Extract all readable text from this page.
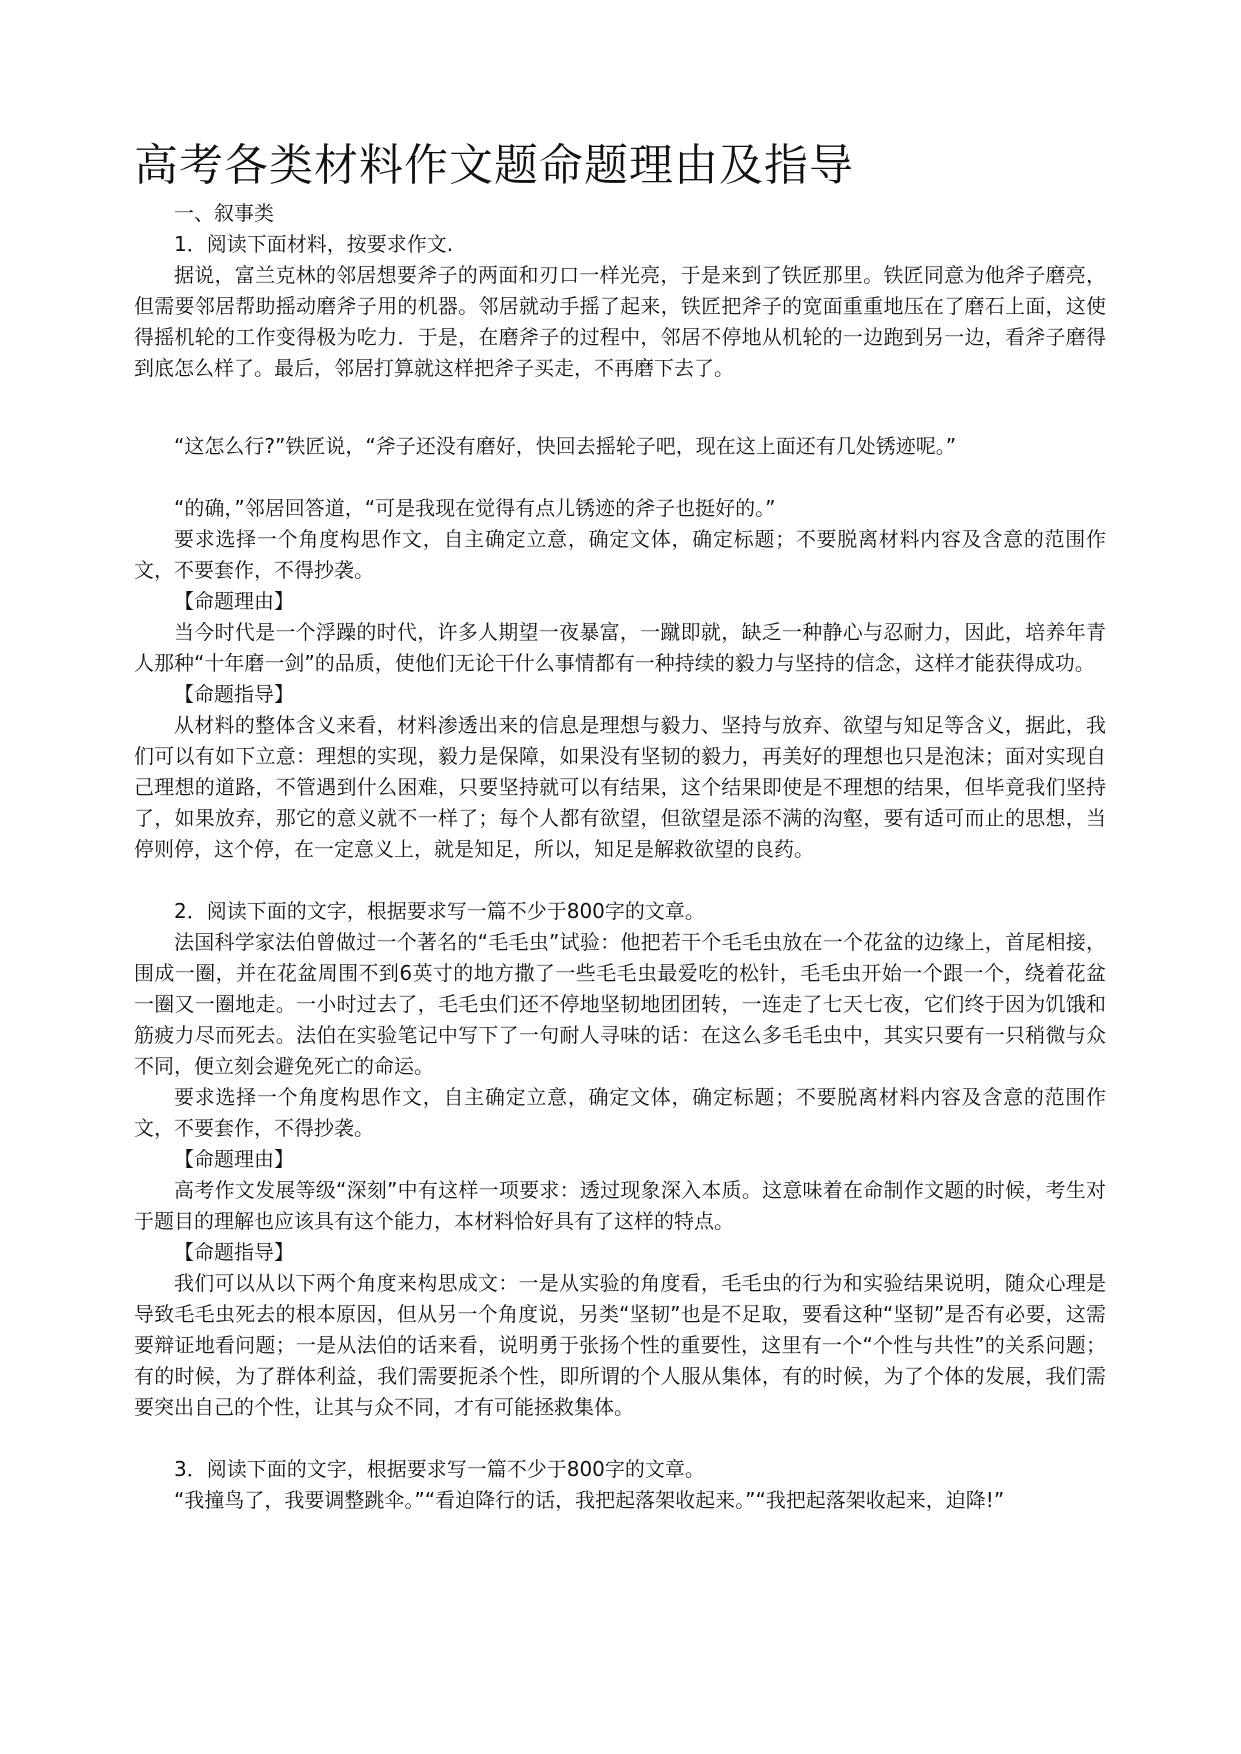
高考各类材料作文题命题理由及指导

一、叙事类

1．阅读下面材料，按要求作文.

据说，富兰克林的邻居想要斧子的两面和刃口一样光亮，于是来到了铁匠那里。铁匠同意为他斧子磨亮，但需要邻居帮助摇动磨斧子用的机器。邻居就动手摇了起来，铁匠把斧子的宽面重重地压在了磨石上面，这使得摇机轮的工作变得极为吃力．于是，在磨斧子的过程中，邻居不停地从机轮的一边跑到另一边，看斧子磨得到底怎么样了。最后，邻居打算就这样把斧子买走，不再磨下去了。

“这怎么行?”铁匠说，“斧子还没有磨好，快回去摇轮子吧，现在这上面还有几处锈迹呢。”

“的确，”邻居回答道，“可是我现在觉得有点儿锈迹的斧子也挺好的。”

要求选择一个角度构思作文，自主确定立意，确定文体，确定标题；不要脱离材料内容及含意的范围作文，不要套作，不得抄袭。

【命题理由】

当今时代是一个浮躁的时代，许多人期望一夜暴富，一蹴即就，缺乏一种静心与忍耐力，因此，培养年青人那种“十年磨一剑”的品质，使他们无论干什么事情都有一种持续的毅力与坚持的信念，这样才能获得成功。

【命题指导】

从材料的整体含义来看，材料渗透出来的信息是理想与毅力、坚持与放弃、欲望与知足等含义，据此，我们可以有如下立意：理想的实现，毅力是保障，如果没有坚韧的毅力，再美好的理想也只是泡沫；面对实现自己理想的道路，不管遇到什么困难，只要坚持就可以有结果，这个结果即使是不理想的结果，但毕竟我们坚持了，如果放弃，那它的意义就不一样了；每个人都有欲望，但欲望是添不满的沟壑，要有适可而止的思想，当停则停，这个停，在一定意义上，就是知足，所以，知足是解救欲望的良药。

2．阅读下面的文字，根据要求写一篇不少于800字的文章。

法国科学家法伯曾做过一个著名的“毛毛虫”试验：他把若干个毛毛虫放在一个花盆的边缘上，首尾相接，围成一圈，并在花盆周围不到6英寸的地方撒了一些毛毛虫最爱吃的松针，毛毛虫开始一个跟一个，绕着花盆一圈又一圈地走。一小时过去了，毛毛虫们还不停地坚韧地团团转，一连走了七天七夜，它们终于因为饥饿和筋疲力尽而死去。法伯在实验笔记中写下了一句耐人寻味的话：在这么多毛毛虫中，其实只要有一只稍微与众不同，便立刻会避免死亡的命运。

要求选择一个角度构思作文，自主确定立意，确定文体，确定标题；不要脱离材料内容及含意的范围作文，不要套作，不得抄袭。

【命题理由】

高考作文发展等级“深刻”中有这样一项要求：透过现象深入本质。这意味着在命制作文题的时候，考生对于题目的理解也应该具有这个能力，本材料恰好具有了这样的特点。

【命题指导】

我们可以从以下两个角度来构思成文：一是从实验的角度看，毛毛虫的行为和实验结果说明，随众心理是导致毛毛虫死去的根本原因，但从另一个角度说，另类“坚韧”也是不足取，要看这种“坚韧”是否有必要，这需要辩证地看问题；一是从法伯的话来看，说明勇于张扬个性的重要性，这里有一个“个性与共性”的关系问题；有的时候，为了群体利益，我们需要扼杀个性，即所谓的个人服从集体，有的时候，为了个体的发展，我们需要突出自己的个性，让其与众不同，才有可能拯救集体。

3．阅读下面的文字，根据要求写一篇不少于800字的文章。

“我撞鸟了，我要调整跳伞。”“看迫降行的话，我把起落架收起来。”“我把起落架收起来，迫降!”
